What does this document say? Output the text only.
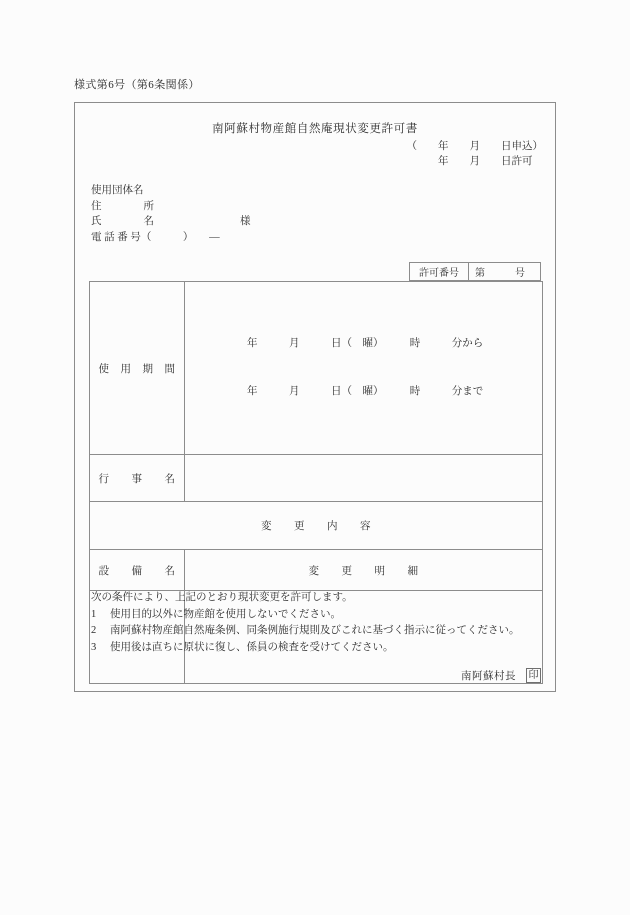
様式第6号（第6条関係）
南阿蘇村物産館自然庵現状変更許可書
（　　年　　月　　日申込）
　　　年　　月　　日許可
使用団体名
住　　　　所
氏　　　　名	様
電 話 番 号（　　　）　　―
許可番号	第　　　号
使　用　期　間	年　　　月　　　日（　曜）　　　時　　　分から

年　　　月　　　日（　曜）　　　時　　　分まで

行　　事　　名	
変　　更　　内　　容	
設　　備　　名	変　　更　　明　　細

次の条件により、上記のとおり現状変更を許可します。
1	使用目的以外に物産館を使用しないでください。
2	南阿蘇村物産館自然庵条例、同条例施行規則及びこれに基づく指示に従ってください。
3	使用後は直ちに原状に復し、係員の検査を受けてください。
南阿蘇村長 印
